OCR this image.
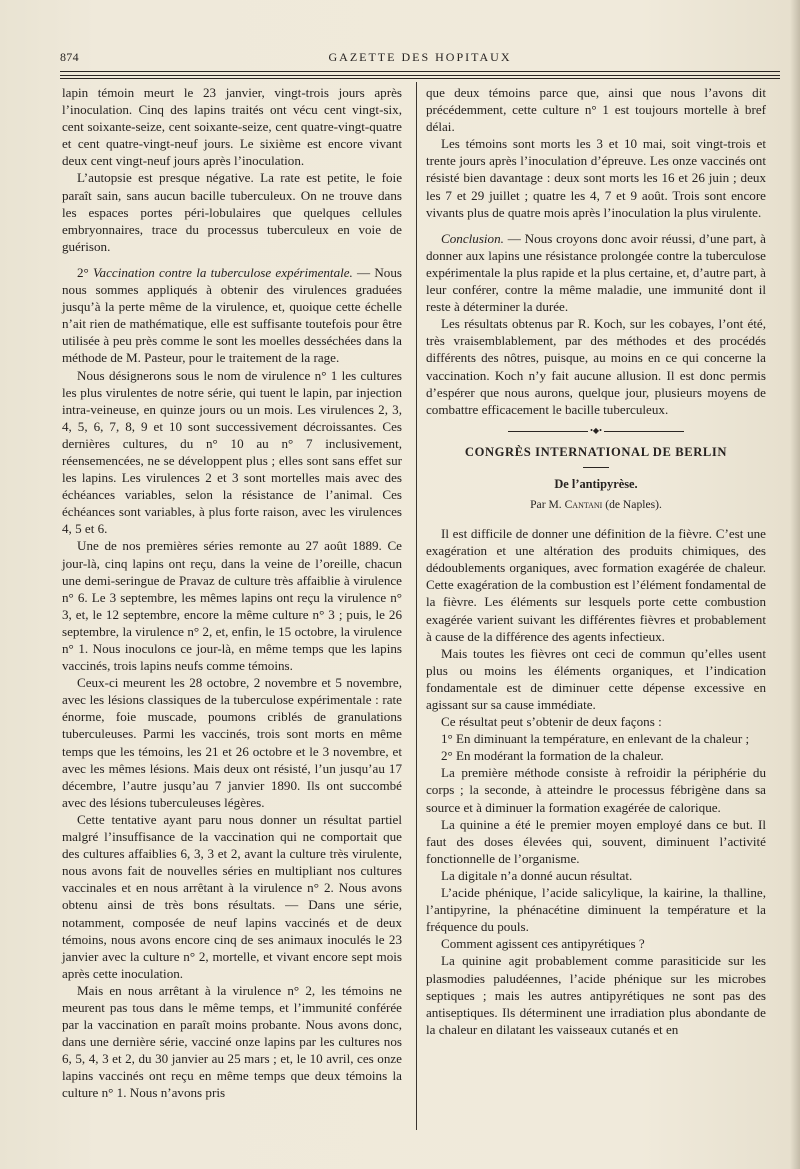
874	GAZETTE DES HOPITAUX

lapin témoin meurt le 23 janvier, vingt-trois jours après l’inoculation. Cinq des lapins traités ont vécu cent vingt-six, cent soixante-seize, cent soixante-seize, cent quatre-vingt-quatre et cent quatre-vingt-neuf jours. Le sixième est encore vivant deux cent vingt-neuf jours après l’inoculation.

L’autopsie est presque négative. La rate est petite, le foie paraît sain, sans aucun bacille tuberculeux. On ne trouve dans les espaces portes péri-lobulaires que quelques cellules embryonnaires, trace du processus tuberculeux en voie de guérison.

2° Vaccination contre la tuberculose expérimentale. — Nous nous sommes appliqués à obtenir des virulences graduées jusqu’à la perte même de la virulence, et, quoique cette échelle n’ait rien de mathématique, elle est suffisante toutefois pour être utilisée à peu près comme le sont les moelles desséchées dans la méthode de M. Pasteur, pour le traitement de la rage.

Nous désignerons sous le nom de virulence n° 1 les cultures les plus virulentes de notre série, qui tuent le lapin, par injection intra-veineuse, en quinze jours ou un mois. Les virulences 2, 3, 4, 5, 6, 7, 8, 9 et 10 sont successivement décroissantes. Ces dernières cultures, du n° 10 au n° 7 inclusivement, réensemencées, ne se développent plus ; elles sont sans effet sur les lapins. Les virulences 2 et 3 sont mortelles mais avec des échéances variables, selon la résistance de l’animal. Ces échéances sont variables, à plus forte raison, avec les virulences 4, 5 et 6.

Une de nos premières séries remonte au 27 août 1889. Ce jour-là, cinq lapins ont reçu, dans la veine de l’oreille, chacun une demi-seringue de Pravaz de culture très affaiblie à virulence n° 6. Le 3 septembre, les mêmes lapins ont reçu la virulence n° 3, et, le 12 septembre, encore la même culture n° 3 ; puis, le 26 septembre, la virulence n° 2, et, enfin, le 15 octobre, la virulence n° 1. Nous inoculons ce jour-là, en même temps que les lapins vaccinés, trois lapins neufs comme témoins.

Ceux-ci meurent les 28 octobre, 2 novembre et 5 novembre, avec les lésions classiques de la tuberculose expérimentale : rate énorme, foie muscade, poumons criblés de granulations tuberculeuses. Parmi les vaccinés, trois sont morts en même temps que les témoins, les 21 et 26 octobre et le 3 novembre, et avec les mêmes lésions. Mais deux ont résisté, l’un jusqu’au 17 décembre, l’autre jusqu’au 7 janvier 1890. Ils ont succombé avec des lésions tuberculeuses légères.

Cette tentative ayant paru nous donner un résultat partiel malgré l’insuffisance de la vaccination qui ne comportait que des cultures affaiblies 6, 3, 3 et 2, avant la culture très virulente, nous avons fait de nouvelles séries en multipliant nos cultures vaccinales et en nous arrêtant à la virulence n° 2. Nous avons obtenu ainsi de très bons résultats. — Dans une série, notamment, composée de neuf lapins vaccinés et de deux témoins, nous avons encore cinq de ses animaux inoculés le 23 janvier avec la culture n° 2, mortelle, et vivant encore sept mois après cette inoculation.

Mais en nous arrêtant à la virulence n° 2, les témoins ne meurent pas tous dans le même temps, et l’immunité conférée par la vaccination en paraît moins probante. Nous avons donc, dans une dernière série, vacciné onze lapins par les cultures nos 6, 5, 4, 3 et 2, du 30 janvier au 25 mars ; et, le 10 avril, ces onze lapins vaccinés ont reçu en même temps que deux témoins la culture n° 1. Nous n’avons pris

que deux témoins parce que, ainsi que nous l’avons dit précédemment, cette culture n° 1 est toujours mortelle à bref délai.

Les témoins sont morts les 3 et 10 mai, soit vingt-trois et trente jours après l’inoculation d’épreuve. Les onze vaccinés ont résisté bien davantage : deux sont morts les 16 et 26 juin ; deux les 7 et 29 juillet ; quatre les 4, 7 et 9 août. Trois sont encore vivants plus de quatre mois après l’inoculation la plus virulente.

Conclusion. — Nous croyons donc avoir réussi, d’une part, à donner aux lapins une résistance prolongée contre la tuberculose expérimentale la plus rapide et la plus certaine, et, d’autre part, à leur conférer, contre la même maladie, une immunité dont il reste à déterminer la durée.

Les résultats obtenus par R. Koch, sur les cobayes, l’ont été, très vraisemblablement, par des méthodes et des procédés différents des nôtres, puisque, au moins en ce qui concerne la vaccination. Koch n’y fait aucune allusion. Il est donc permis d’espérer que nous aurons, quelque jour, plusieurs moyens de combattre efficacement le bacille tuberculeux.

•◆•
CONGRÈS INTERNATIONAL DE BERLIN
De l’antipyrèse.
Par M. Cantani (de Naples).

Il est difficile de donner une définition de la fièvre. C’est une exagération et une altération des produits chimiques, des dédoublements organiques, avec formation exagérée de chaleur. Cette exagération de la combustion est l’élément fondamental de la fièvre. Les éléments sur lesquels porte cette combustion exagérée varient suivant les différentes fièvres et probablement à cause de la différence des agents infectieux.

Mais toutes les fièvres ont ceci de commun qu’elles usent plus ou moins les éléments organiques, et l’indication fondamentale est de diminuer cette dépense excessive en agissant sur sa cause immédiate.

Ce résultat peut s’obtenir de deux façons :

1° En diminuant la température, en enlevant de la chaleur ;

2° En modérant la formation de la chaleur.

La première méthode consiste à refroidir la périphérie du corps ; la seconde, à atteindre le processus fébrigène dans sa source et à diminuer la formation exagérée de calorique.

La quinine a été le premier moyen employé dans ce but. Il faut des doses élevées qui, souvent, diminuent l’activité fonctionnelle de l’organisme.

La digitale n’a donné aucun résultat.

L’acide phénique, l’acide salicylique, la kairine, la thalline, l’antipyrine, la phénacétine diminuent la température et la fréquence du pouls.

Comment agissent ces antipyrétiques ?

La quinine agit probablement comme parasiticide sur les plasmodies paludéennes, l’acide phénique sur les microbes septiques ; mais les autres antipyrétiques ne sont pas des antiseptiques. Ils déterminent une irradiation plus abondante de la chaleur en dilatant les vaisseaux cutanés et en
